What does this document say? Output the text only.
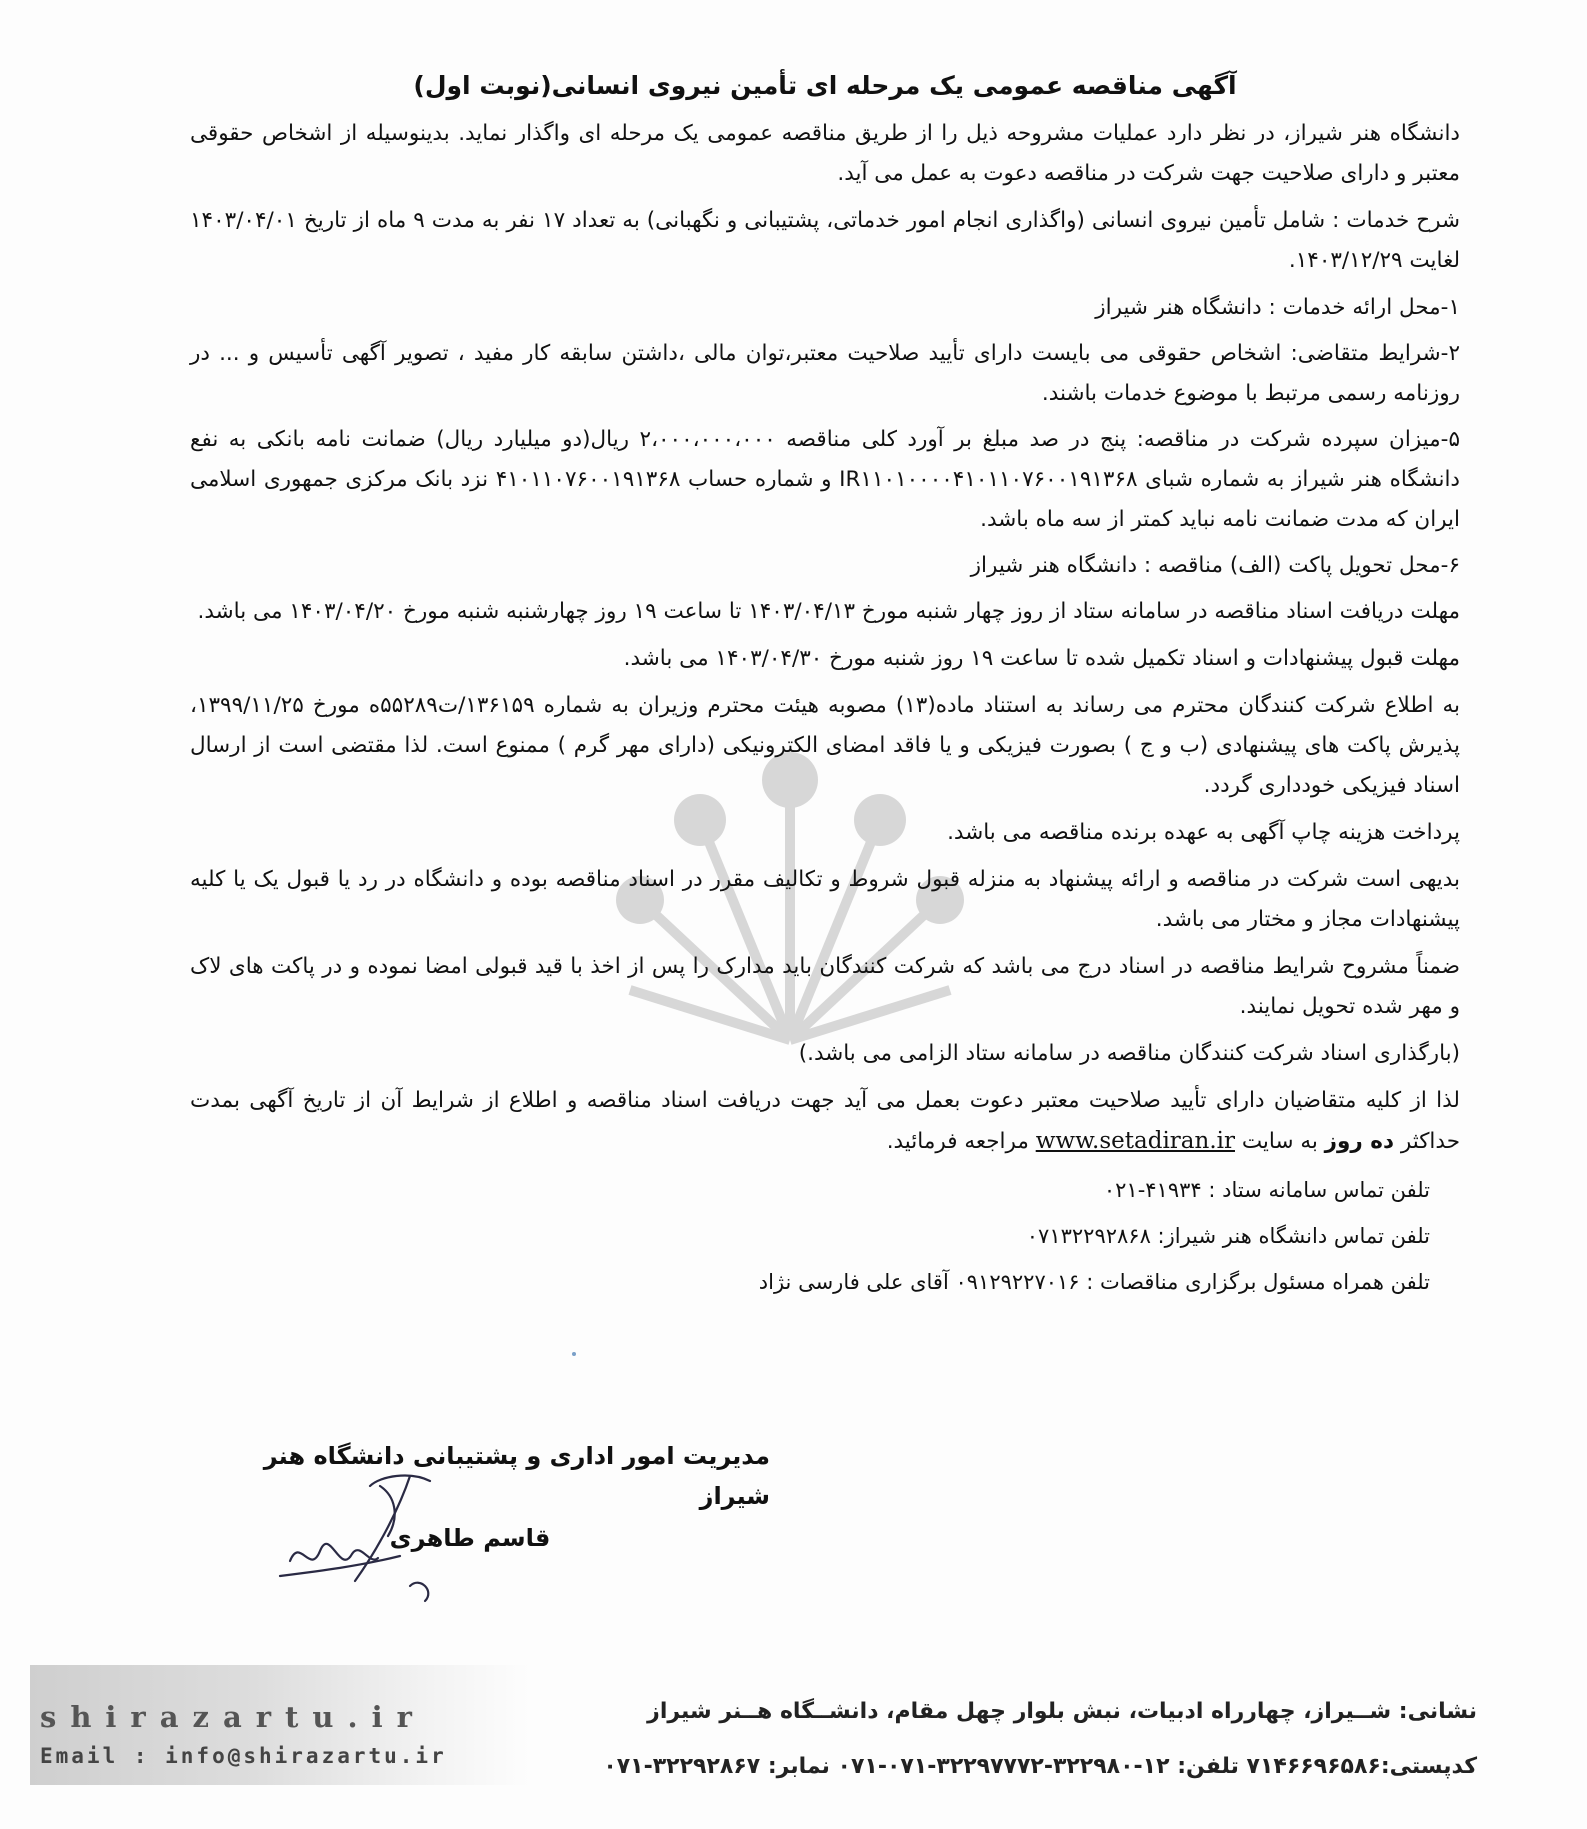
آگهی مناقصه عمومی یک مرحله ای تأمین نیروی انسانی(نوبت اول)
دانشگاه هنر شیراز، در نظر دارد عملیات مشروحه ذیل را از طریق مناقصه عمومی یک مرحله ای واگذار نماید. بدینوسیله از اشخاص حقوقی معتبر و دارای صلاحیت جهت شرکت در مناقصه دعوت به عمل می آید.
شرح خدمات : شامل تأمین نیروی انسانی (واگذاری انجام امور خدماتی، پشتیبانی و نگهبانی) به تعداد ۱۷ نفر به مدت ۹ ماه از تاریخ ۱۴۰۳/۰۴/۰۱ لغایت ۱۴۰۳/۱۲/۲۹.
۱-محل ارائه خدمات : دانشگاه هنر شیراز
۲-شرایط متقاضی: اشخاص حقوقی می بایست دارای تأیید صلاحیت معتبر،توان مالی ،داشتن سابقه کار مفید ، تصویر آگهی تأسیس و ... در روزنامه رسمی مرتبط با موضوع خدمات باشند.
۵-میزان سپرده شرکت در مناقصه: پنج در صد مبلغ بر آورد کلی مناقصه ۲،۰۰۰،۰۰۰،۰۰۰ ریال(دو میلیارد ریال) ضمانت نامه بانکی به نفع دانشگاه هنر شیراز به شماره شبای IR۱۱۰۱۰۰۰۰۴۱۰۱۱۰۷۶۰۰۱۹۱۳۶۸ و شماره حساب ۴۱۰۱۱۰۷۶۰۰۱۹۱۳۶۸ نزد بانک مرکزی جمهوری اسلامی ایران که مدت ضمانت نامه نباید کمتر از سه ماه باشد.
۶-محل تحویل پاکت (الف) مناقصه : دانشگاه هنر شیراز
مهلت دریافت اسناد مناقصه در سامانه ستاد از روز چهار شنبه مورخ ۱۴۰۳/۰۴/۱۳ تا ساعت ۱۹ روز چهارشنبه شنبه مورخ ۱۴۰۳/۰۴/۲۰ می باشد.
مهلت قبول پیشنهادات و اسناد تکمیل شده تا ساعت ۱۹ روز شنبه مورخ ۱۴۰۳/۰۴/۳۰ می باشد.
به اطلاع شرکت کنندگان محترم می رساند به استناد ماده(۱۳) مصوبه هیئت محترم وزیران به شماره ۱۳۶۱۵۹/ت۵۵۲۸۹ه مورخ ۱۳۹۹/۱۱/۲۵، پذیرش پاکت های پیشنهادی (ب و ج ) بصورت فیزیکی و یا فاقد امضای الکترونیکی (دارای مهر گرم ) ممنوع است. لذا مقتضی است از ارسال اسناد فیزیکی خودداری گردد.
پرداخت هزینه چاپ آگهی به عهده برنده مناقصه می باشد.
بدیهی است شرکت در مناقصه و ارائه پیشنهاد به منزله قبول شروط و تکالیف مقرر در اسناد مناقصه بوده و دانشگاه در رد یا قبول یک یا کلیه پیشنهادات مجاز و مختار می باشد.
ضمناً مشروح شرایط مناقصه در اسناد درج می باشد که شرکت کنندگان باید مدارک را پس از اخذ با قید قبولی امضا نموده و در پاکت های لاک و مهر شده تحویل نمایند.
(بارگذاری اسناد شرکت کنندگان مناقصه در سامانه ستاد الزامی می باشد.)
لذا از کلیه متقاضیان دارای تأیید صلاحیت معتبر دعوت بعمل می آید جهت دریافت اسناد مناقصه و اطلاع از شرایط آن از تاریخ آگهی بمدت حداکثر ده روز به سایت www.setadiran.ir مراجعه فرمائید.
تلفن تماس سامانه ستاد : ۴۱۹۳۴-۰۲۱
تلفن تماس دانشگاه هنر شیراز: ۰۷۱۳۲۲۹۲۸۶۸
تلفن همراه مسئول برگزاری مناقصات : ۰۹۱۲۹۲۲۷۰۱۶ آقای علی فارسی نژاد
مدیریت امور اداری و پشتیبانی دانشگاه هنر شیراز
قاسم طاهری
shirazartu.ir
Email : info@shirazartu.ir
نشانی: شــیراز، چهارراه ادبیات، نبش بلوار چهل مقام، دانشــگاه هــنر شیراز
کدپستی:۷۱۴۶۶۹۶۵۸۶ تلفن: ۱۲-۳۲۲۹۸۰-۳۲۲۹۷۷۷۲-۰۷۱-۰۷۱ نمابر: ۳۲۲۹۲۸۶۷-۰۷۱
